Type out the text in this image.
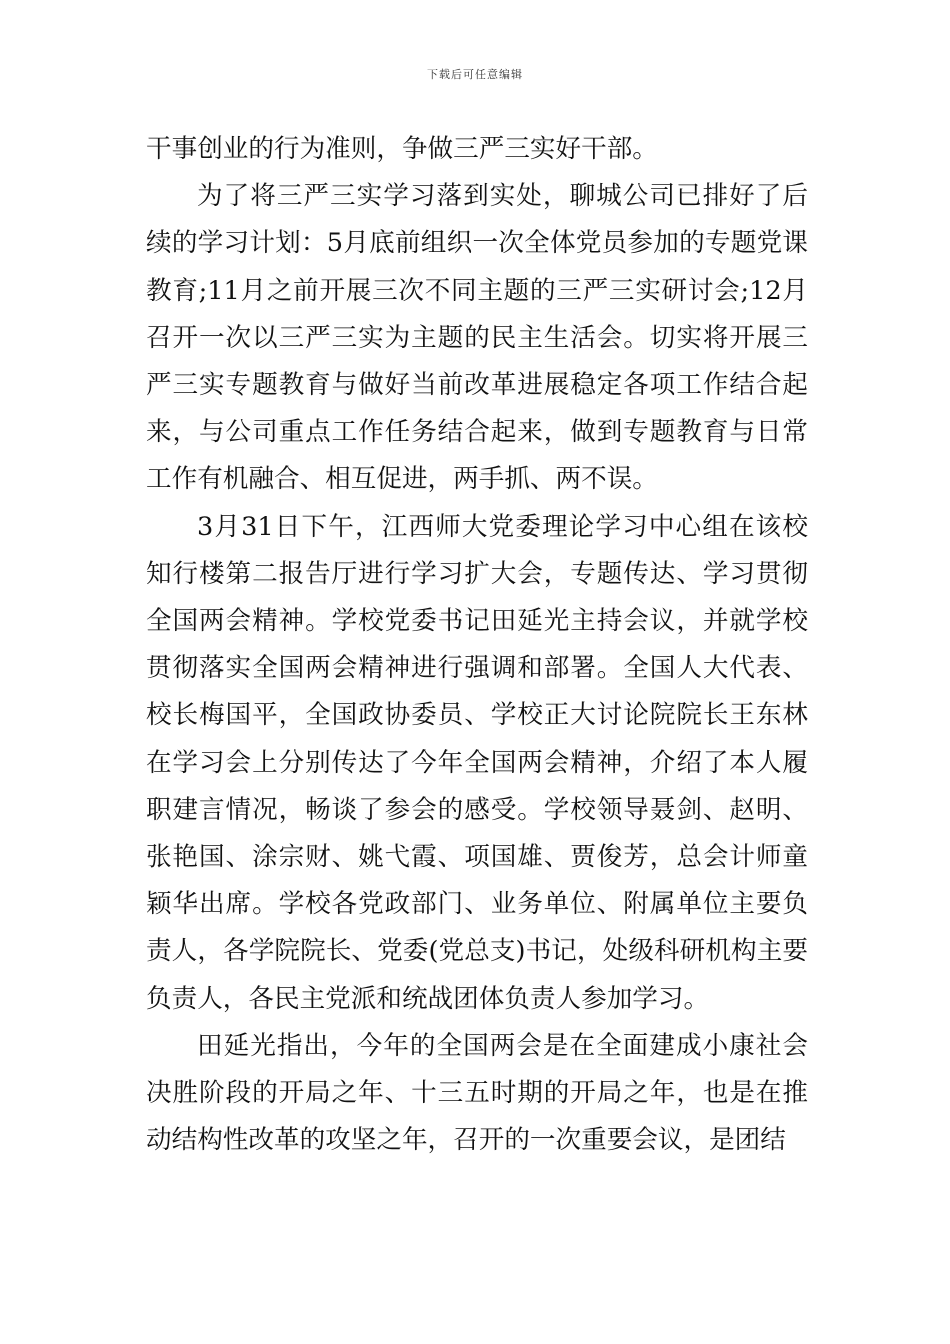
下载后可任意编辑

干事创业的行为准则，争做三严三实好干部。

为了将三严三实学习落到实处，聊城公司已排好了后续的学习计划：5月底前组织一次全体党员参加的专题党课教育;11月之前开展三次不同主题的三严三实研讨会;12月召开一次以三严三实为主题的民主生活会。切实将开展三严三实专题教育与做好当前改革进展稳定各项工作结合起来，与公司重点工作任务结合起来，做到专题教育与日常工作有机融合、相互促进，两手抓、两不误。

3月31日下午，江西师大党委理论学习中心组在该校知行楼第二报告厅进行学习扩大会，专题传达、学习贯彻全国两会精神。学校党委书记田延光主持会议，并就学校贯彻落实全国两会精神进行强调和部署。全国人大代表、校长梅国平，全国政协委员、学校正大讨论院院长王东林在学习会上分别传达了今年全国两会精神，介绍了本人履职建言情况，畅谈了参会的感受。学校领导聂剑、赵明、张艳国、涂宗财、姚弋霞、项国雄、贾俊芳，总会计师童颖华出席。学校各党政部门、业务单位、附属单位主要负责人，各学院院长、党委(党总支)书记，处级科研机构主要负责人，各民主党派和统战团体负责人参加学习。

田延光指出，今年的全国两会是在全面建成小康社会决胜阶段的开局之年、十三五时期的开局之年，也是在推动结构性改革的攻坚之年，召开的一次重要会议，是团结
